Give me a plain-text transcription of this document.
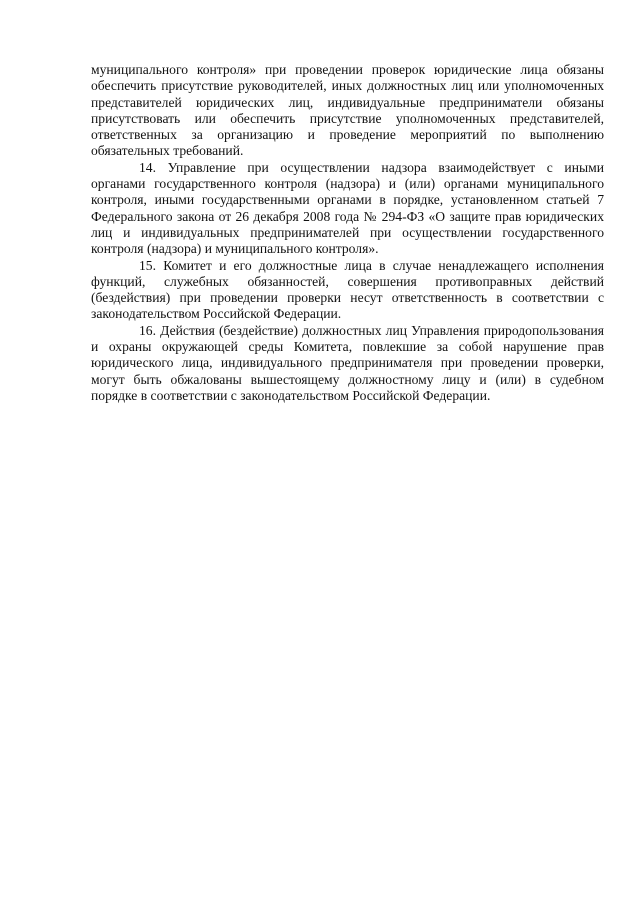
муниципального контроля» при проведении проверок юридические лица обязаны обеспечить присутствие руководителей, иных должностных лиц или уполномоченных представителей юридических лиц, индивидуальные предприниматели обязаны присутствовать или обеспечить присутствие уполномоченных представителей, ответственных за организацию и проведение мероприятий по выполнению обязательных требований.

14. Управление при осуществлении надзора взаимодействует с иными органами государственного контроля (надзора) и (или) органами муниципального контроля, иными государственными органами в порядке, установленном статьей 7 Федерального закона от 26 декабря 2008 года № 294-ФЗ «О защите прав юридических лиц и индивидуальных предпринимателей при осуществлении государственного контроля (надзора) и муниципального контроля».

15. Комитет и его должностные лица в случае ненадлежащего исполнения функций, служебных обязанностей, совершения противоправных действий (бездействия) при проведении проверки несут ответственность в соответствии с законодательством Российской Федерации.

16. Действия (бездействие) должностных лиц Управления природопользования и охраны окружающей среды Комитета, повлекшие за собой нарушение прав юридического лица, индивидуального предпринимателя при проведении проверки, могут быть обжалованы вышестоящему должностному лицу и (или) в судебном порядке в соответствии с законодательством Российской Федерации.
